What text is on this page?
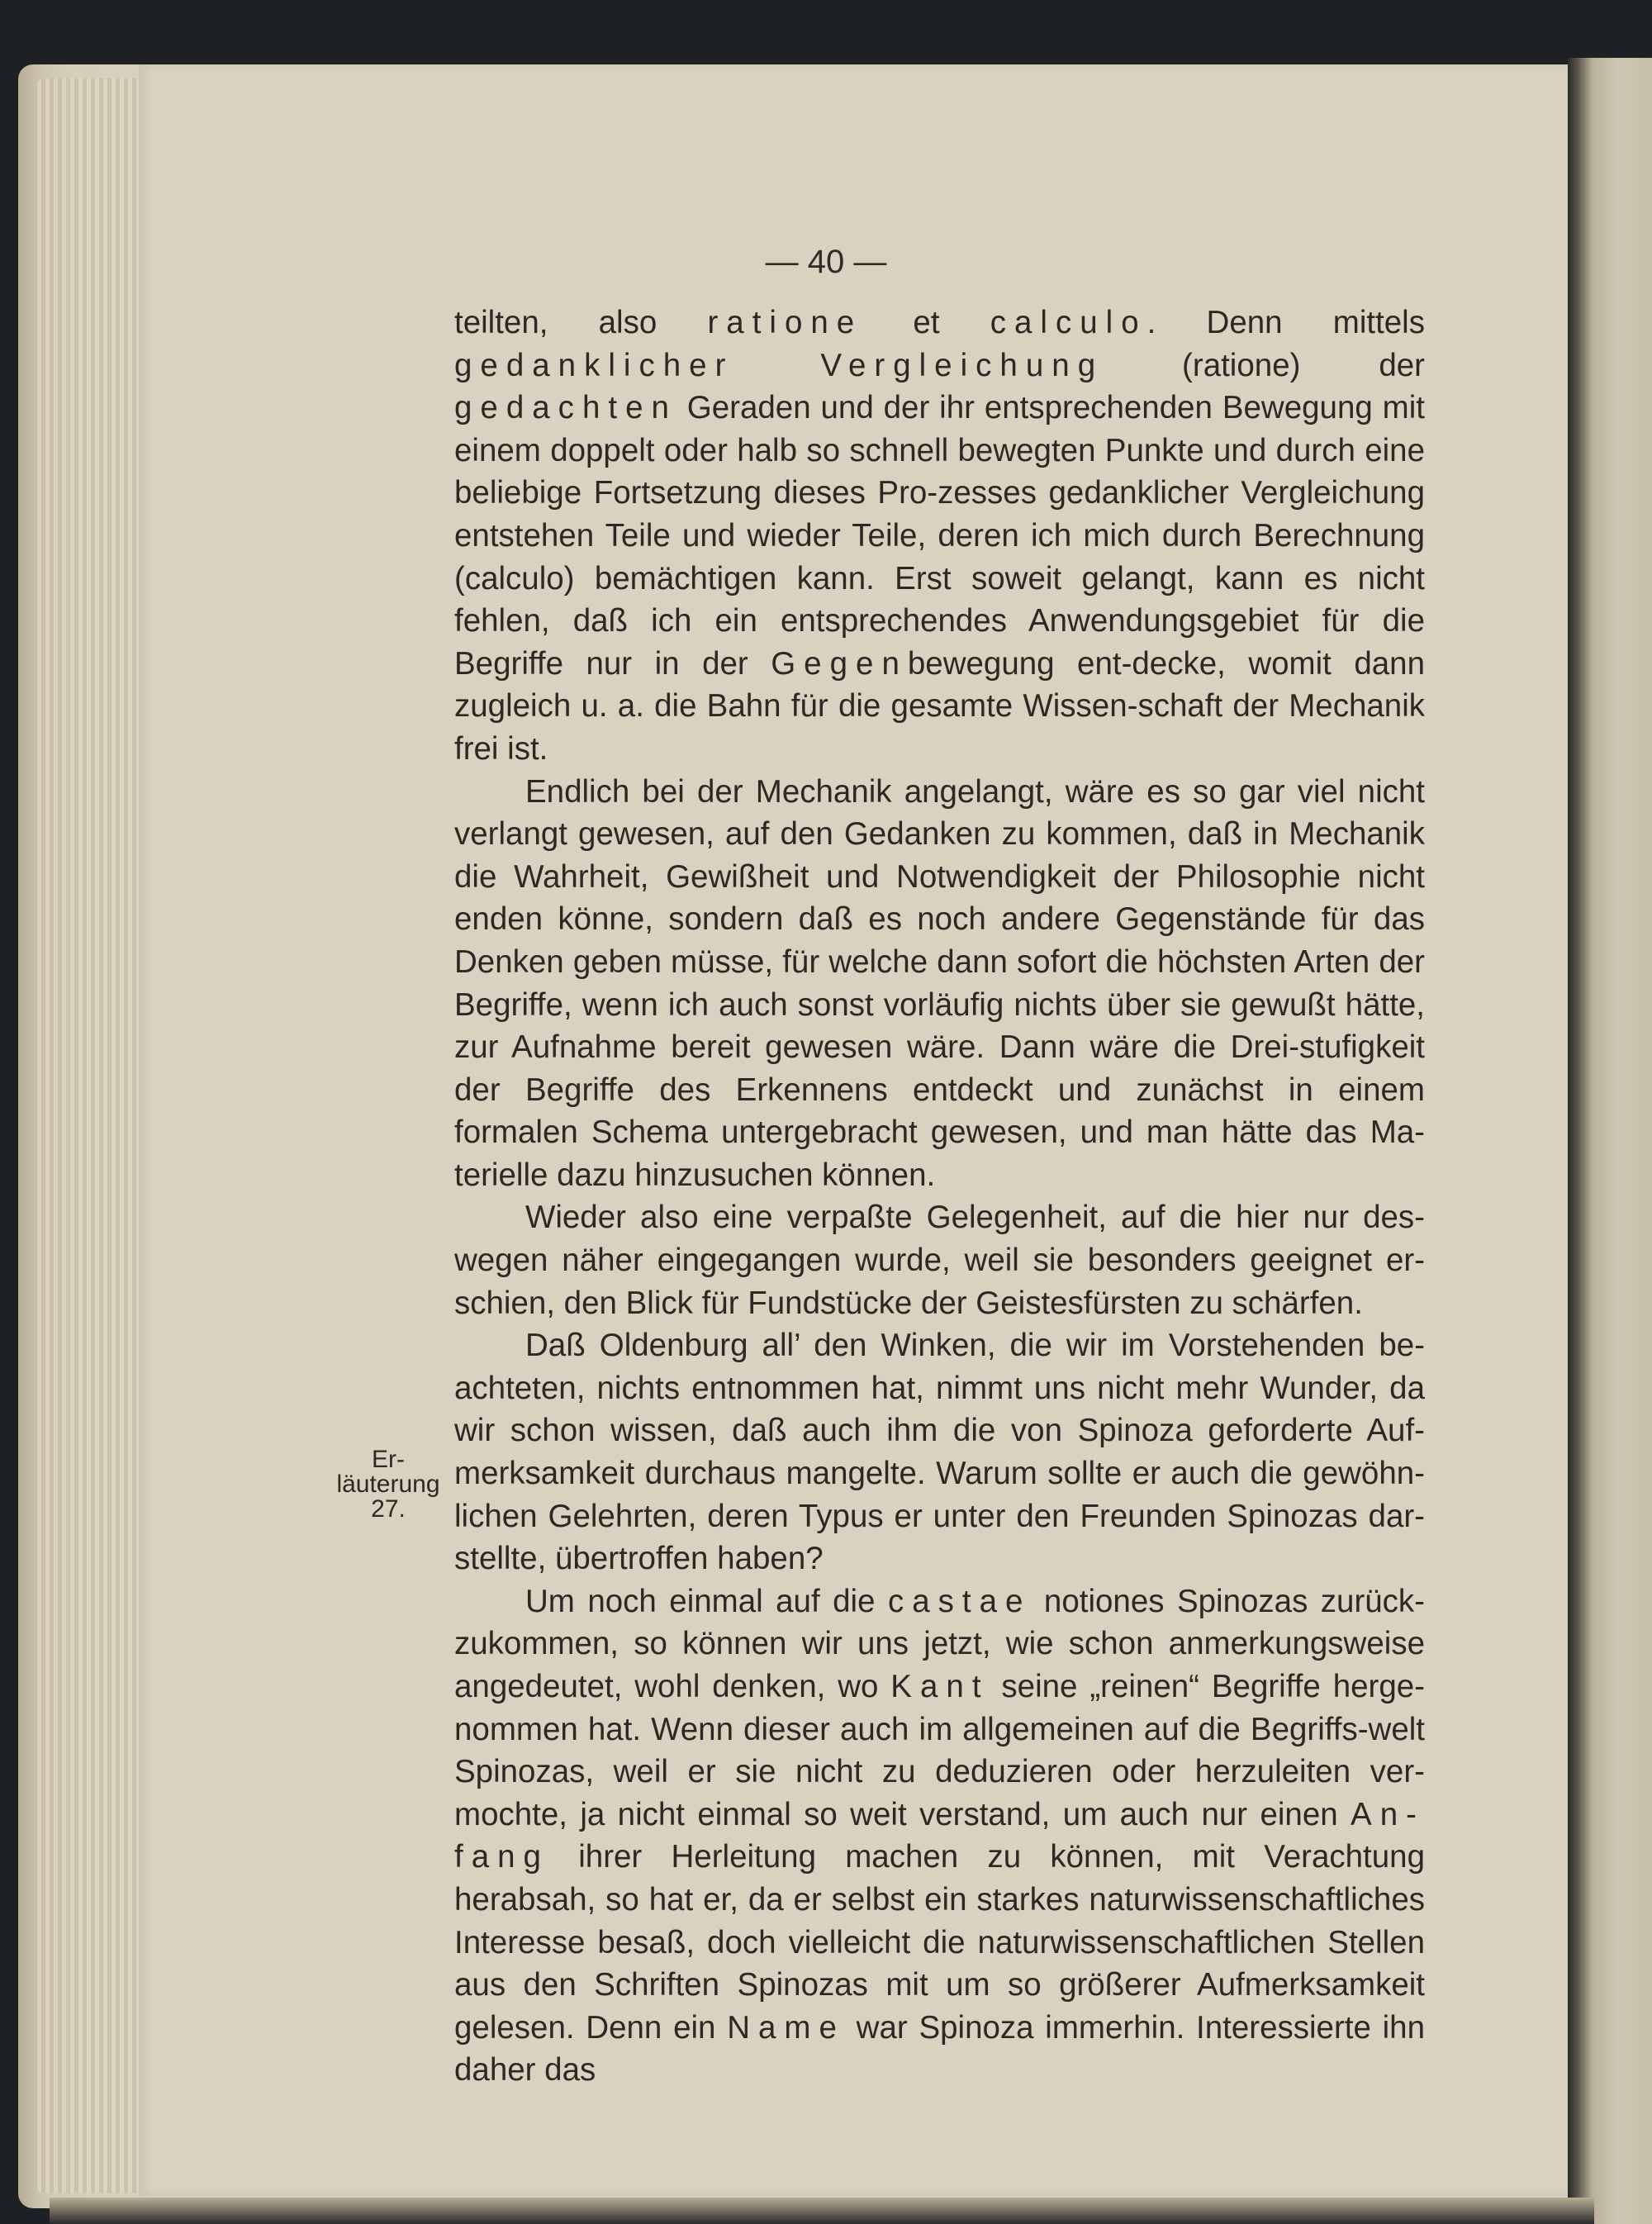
— 40 —
Er-
läuterung
27.

teilten, also ratione et calculo. Denn mittels gedanklicher Vergleichung (ratione) der gedachten Geraden und der ihr entsprechenden Bewegung mit einem doppelt oder halb so schnell bewegten Punkte und durch eine beliebige Fortsetzung dieses Pro-zesses gedanklicher Vergleichung entstehen Teile und wieder Teile, deren ich mich durch Berechnung (calculo) bemächtigen kann. Erst soweit gelangt, kann es nicht fehlen, daß ich ein entsprechendes Anwendungsgebiet für die Begriffe nur in der Gegenbewegung ent-decke, womit dann zugleich u. a. die Bahn für die gesamte Wissen-schaft der Mechanik frei ist.

Endlich bei der Mechanik angelangt, wäre es so gar viel nicht verlangt gewesen, auf den Gedanken zu kommen, daß in Mechanik die Wahrheit, Gewißheit und Notwendigkeit der Philosophie nicht enden könne, sondern daß es noch andere Gegenstände für das Denken geben müsse, für welche dann sofort die höchsten Arten der Begriffe, wenn ich auch sonst vorläufig nichts über sie gewußt hätte, zur Aufnahme bereit gewesen wäre. Dann wäre die Drei-stufigkeit der Begriffe des Erkennens entdeckt und zunächst in einem formalen Schema untergebracht gewesen, und man hätte das Ma-terielle dazu hinzusuchen können.

Wieder also eine verpaßte Gelegenheit, auf die hier nur des-wegen näher eingegangen wurde, weil sie besonders geeignet er-schien, den Blick für Fundstücke der Geistesfürsten zu schärfen.

Daß Oldenburg all’ den Winken, die wir im Vorstehenden be-achteten, nichts entnommen hat, nimmt uns nicht mehr Wunder, da wir schon wissen, daß auch ihm die von Spinoza geforderte Auf-merksamkeit durchaus mangelte. Warum sollte er auch die gewöhn-lichen Gelehrten, deren Typus er unter den Freunden Spinozas dar-stellte, übertroffen haben?

Um noch einmal auf die castae notiones Spinozas zurück-zukommen, so können wir uns jetzt, wie schon anmerkungsweise angedeutet, wohl denken, wo Kant seine „reinen“ Begriffe herge-nommen hat. Wenn dieser auch im allgemeinen auf die Begriffs-welt Spinozas, weil er sie nicht zu deduzieren oder herzuleiten ver-mochte, ja nicht einmal so weit verstand, um auch nur einen An-fang ihrer Herleitung machen zu können, mit Verachtung herabsah, so hat er, da er selbst ein starkes naturwissenschaftliches Interesse besaß, doch vielleicht die naturwissenschaftlichen Stellen aus den Schriften Spinozas mit um so größerer Aufmerksamkeit gelesen. Denn ein Name war Spinoza immerhin. Interessierte ihn daher das
